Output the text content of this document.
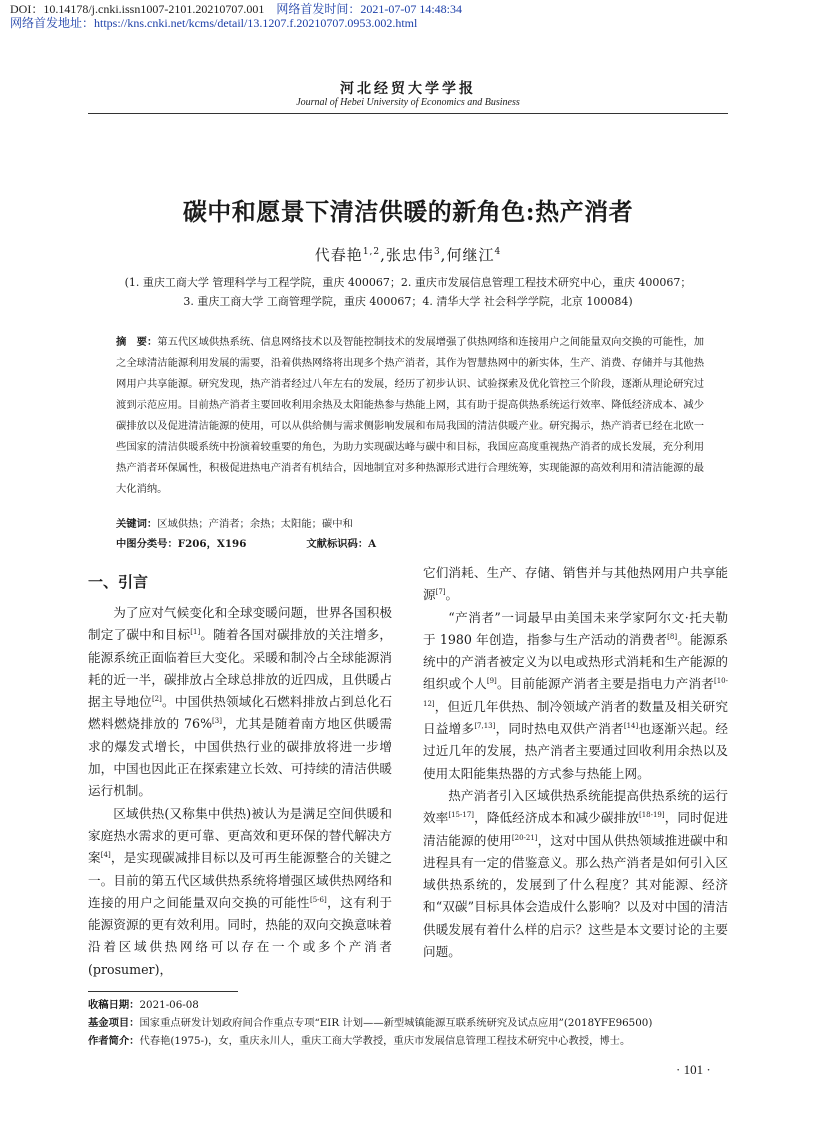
DOI：10.14178/j.cnki.issn1007-2101.20210707.001 网络首发时间：2021-07-07 14:48:34
网络首发地址：https://kns.cnki.net/kcms/detail/13.1207.f.20210707.0953.002.html
河北经贸大学学报
Journal of Hebei University of Economics and Business
碳中和愿景下清洁供暖的新角色:热产消者
代春艳$^{1,2}$,张忠伟$^3$,何继江$^4$
(1. 重庆工商大学 管理科学与工程学院，重庆 400067；2. 重庆市发展信息管理工程技术研究中心，重庆 400067；
3. 重庆工商大学 工商管理学院，重庆 400067；4. 清华大学 社会科学学院，北京 100084)
摘　要：第五代区域供热系统、信息网络技术以及智能控制技术的发展增强了供热网络和连接用户之间能量双向交换的可能性，加之全球清洁能源利用发展的需要，沿着供热网络将出现多个热产消者，其作为智慧热网中的新实体，生产、消费、存储并与其他热网用户共享能源。研究发现，热产消者经过八年左右的发展，经历了初步认识、试验探索及优化管控三个阶段，逐渐从理论研究过渡到示范应用。目前热产消者主要回收利用余热及太阳能热参与热能上网，其有助于提高供热系统运行效率、降低经济成本、减少碳排放以及促进清洁能源的使用，可以从供给侧与需求侧影响发展和布局我国的清洁供暖产业。研究揭示，热产消者已经在北欧一些国家的清洁供暖系统中扮演着较重要的角色，为助力实现碳达峰与碳中和目标，我国应高度重视热产消者的成长发展，充分利用热产消者环保属性，积极促进热电产消者有机结合，因地制宜对多种热源形式进行合理统筹，实现能源的高效利用和清洁能源的最大化消纳。
关键词：区域供热；产消者；余热；太阳能；碳中和
中图分类号：F206，X196	文献标识码：A
一、引言

为了应对气候变化和全球变暖问题，世界各国积极制定了碳中和目标[1]。随着各国对碳排放的关注增多，能源系统正面临着巨大变化。采暖和制冷占全球能源消耗的近一半，碳排放占全球总排放的近四成，且供暖占据主导地位[2]。中国供热领域化石燃料排放占到总化石燃料燃烧排放的 76%[3]，尤其是随着南方地区供暖需求的爆发式增长，中国供热行业的碳排放将进一步增加，中国也因此正在探索建立长效、可持续的清洁供暖运行机制。

区域供热(又称集中供热)被认为是满足空间供暖和家庭热水需求的更可靠、更高效和更环保的替代解决方案[4]，是实现碳减排目标以及可再生能源整合的关键之一。目前的第五代区域供热系统将增强区域供热网络和连接的用户之间能量双向交换的可能性[5-6]，这有利于能源资源的更有效利用。同时，热能的双向交换意味着沿着区域供热网络可以存在一个或多个产消者(prosumer)，

它们消耗、生产、存储、销售并与其他热网用户共享能源[7]。

“产消者”一词最早由美国未来学家阿尔文·托夫勒于 1980 年创造，指参与生产活动的消费者[8]。能源系统中的产消者被定义为以电或热形式消耗和生产能源的组织或个人[9]。目前能源产消者主要是指电力产消者[10-12]，但近几年供热、制冷领域产消者的数量及相关研究日益增多[7,13]，同时热电双供产消者[14]也逐渐兴起。经过近几年的发展，热产消者主要通过回收利用余热以及使用太阳能集热器的方式参与热能上网。

热产消者引入区域供热系统能提高供热系统的运行效率[15-17]，降低经济成本和减少碳排放[18-19]，同时促进清洁能源的使用[20-21]，这对中国从供热领域推进碳中和进程具有一定的借鉴意义。那么热产消者是如何引入区域供热系统的，发展到了什么程度？其对能源、经济和“双碳”目标具体会造成什么影响？以及对中国的清洁供暖发展有着什么样的启示？这些是本文要讨论的主要问题。

收稿日期：2021-06-08
基金项目：国家重点研发计划政府间合作重点专项“EIR 计划——新型城镇能源互联系统研究及试点应用”(2018YFE96500)
作者简介：代春艳(1975-)，女，重庆永川人，重庆工商大学教授，重庆市发展信息管理工程技术研究中心教授，博士。
· 101 ·
